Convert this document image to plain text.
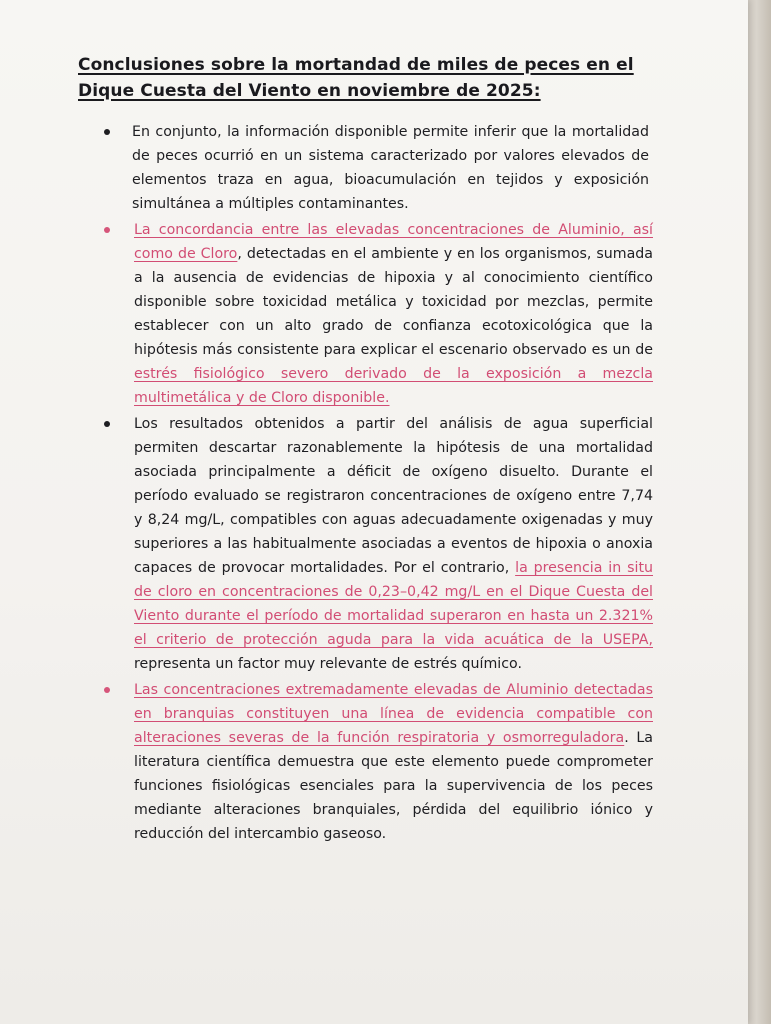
Conclusiones sobre la mortandad de miles de peces en el Dique Cuesta del Viento en noviembre de 2025:
En conjunto, la información disponible permite inferir que la mortalidad de peces ocurrió en un sistema caracterizado por valores elevados de elementos traza en agua, bioacumulación en tejidos y exposición simultánea a múltiples contaminantes.
La concordancia entre las elevadas concentraciones de Aluminio, así como de Cloro, detectadas en el ambiente y en los organismos, sumada a la ausencia de evidencias de hipoxia y al conocimiento científico disponible sobre toxicidad metálica y toxicidad por mezclas, permite establecer con un alto grado de confianza ecotoxicológica que la hipótesis más consistente para explicar el escenario observado es un de estrés fisiológico severo derivado de la exposición a mezcla multimetálica y de Cloro disponible.
Los resultados obtenidos a partir del análisis de agua superficial permiten descartar razonablemente la hipótesis de una mortalidad asociada principalmente a déficit de oxígeno disuelto. Durante el período evaluado se registraron concentraciones de oxígeno entre 7,74 y 8,24 mg/L, compatibles con aguas adecuadamente oxigenadas y muy superiores a las habitualmente asociadas a eventos de hipoxia o anoxia capaces de provocar mortalidades. Por el contrario, la presencia in situ de cloro en concentraciones de 0,23–0,42 mg/L en el Dique Cuesta del Viento durante el período de mortalidad superaron en hasta un 2.321% el criterio de protección aguda para la vida acuática de la USEPA, representa un factor muy relevante de estrés químico.
Las concentraciones extremadamente elevadas de Aluminio detectadas en branquias constituyen una línea de evidencia compatible con alteraciones severas de la función respiratoria y osmorreguladora. La literatura científica demuestra que este elemento puede comprometer funciones fisiológicas esenciales para la supervivencia de los peces mediante alteraciones branquiales, pérdida del equilibrio iónico y reducción del intercambio gaseoso.
